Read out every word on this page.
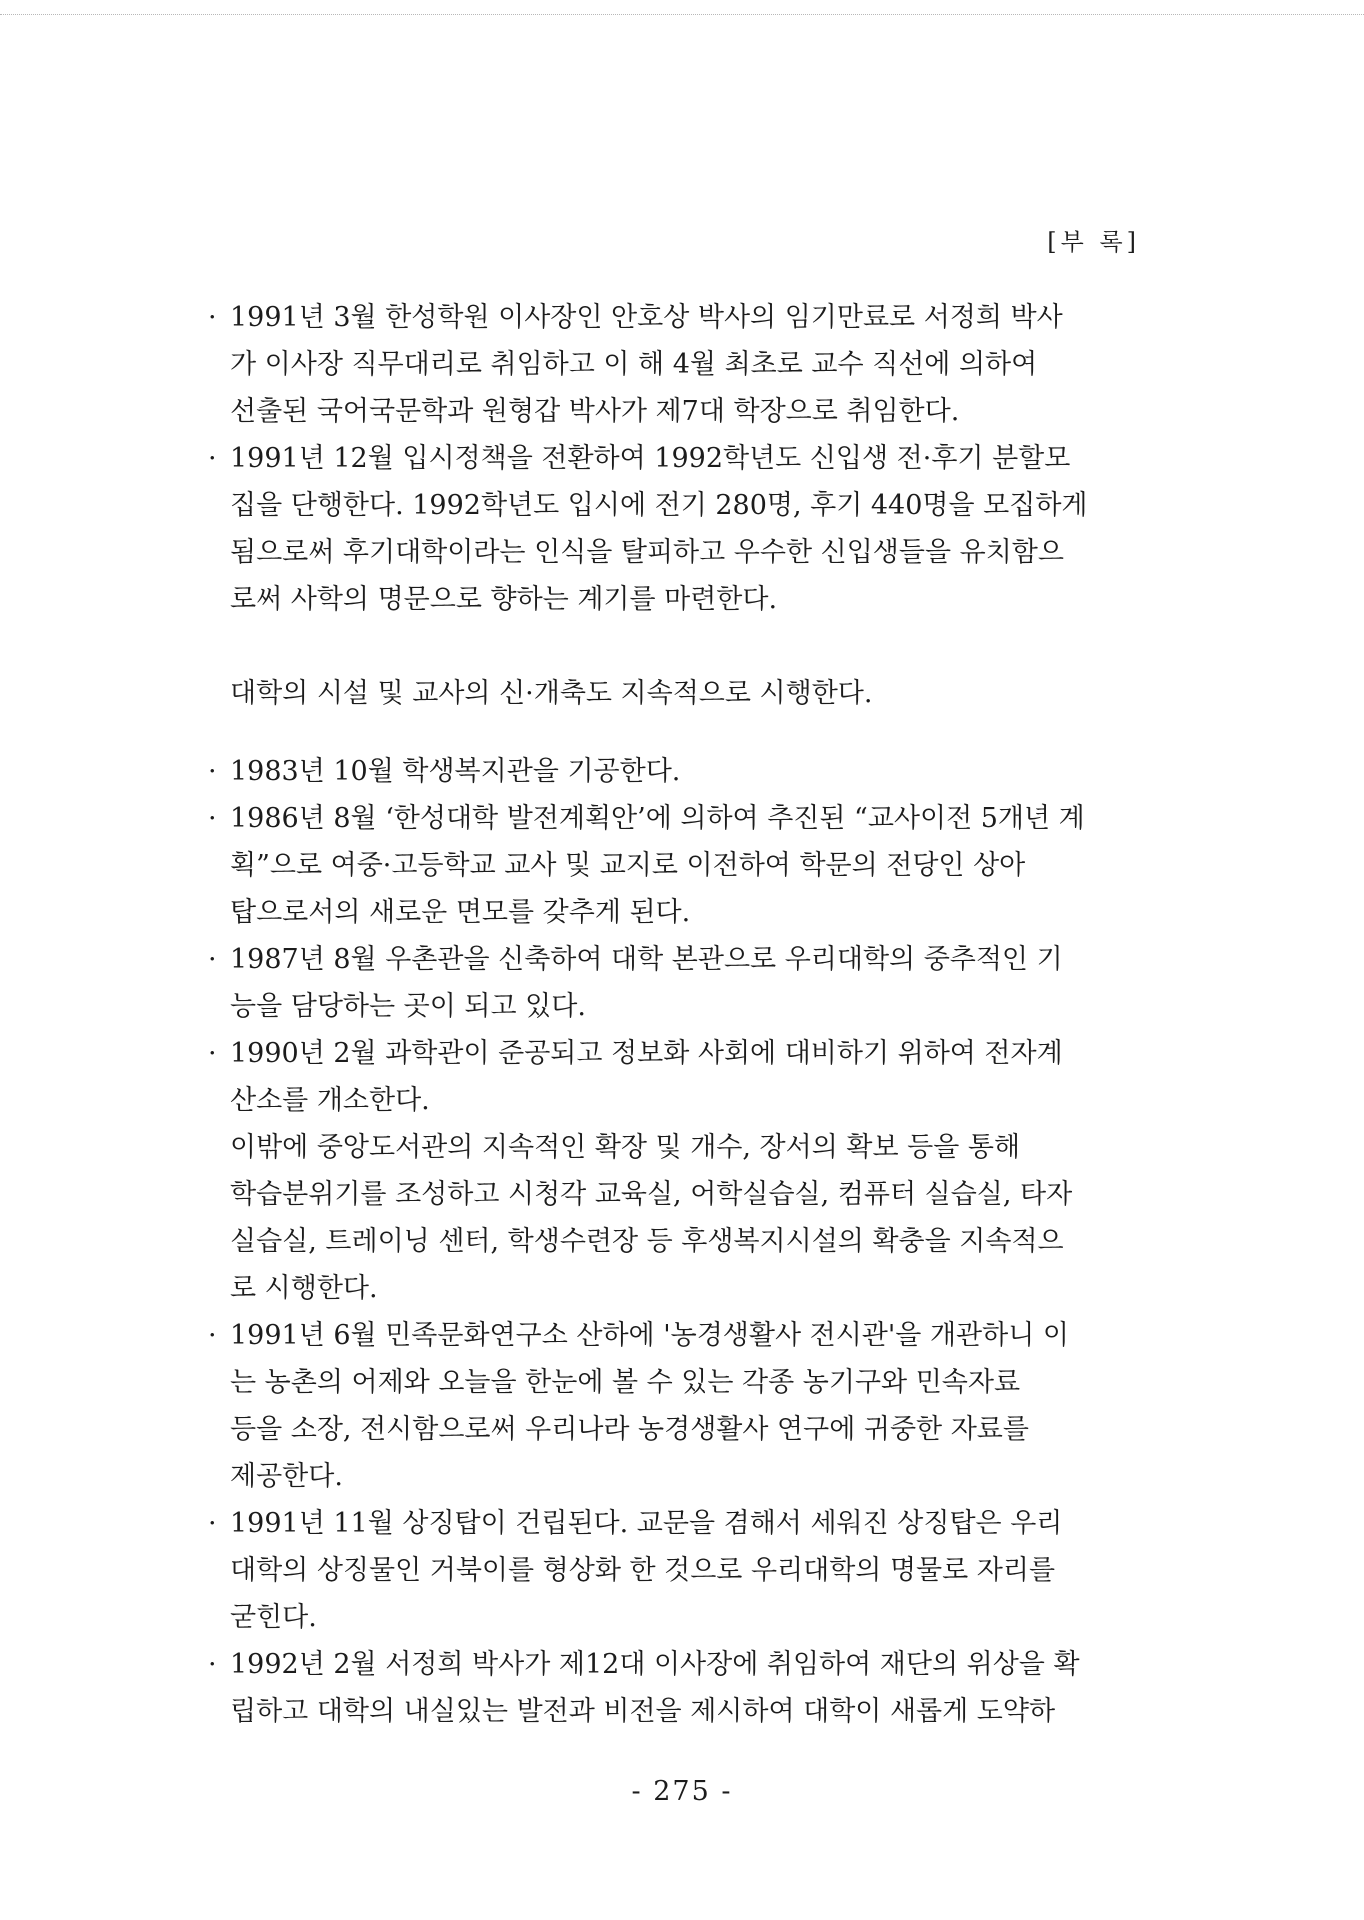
[부 록]
· 1991년 3월 한성학원 이사장인 안호상 박사의 임기만료로 서정희 박사
가 이사장 직무대리로 취임하고 이 해 4월 최초로 교수 직선에 의하여
선출된 국어국문학과 원형갑 박사가 제7대 학장으로 취임한다.
· 1991년 12월 입시정책을 전환하여 1992학년도 신입생 전·후기 분할모
집을 단행한다. 1992학년도 입시에 전기 280명, 후기 440명을 모집하게
됨으로써 후기대학이라는 인식을 탈피하고 우수한 신입생들을 유치함으
로써 사학의 명문으로 향하는 계기를 마련한다.
대학의 시설 및 교사의 신·개축도 지속적으로 시행한다.
· 1983년 10월 학생복지관을 기공한다.
· 1986년 8월 ‘한성대학 발전계획안’에 의하여 추진된 “교사이전 5개년 계
획”으로 여중·고등학교 교사 및 교지로 이전하여 학문의 전당인 상아
탑으로서의 새로운 면모를 갖추게 된다.
· 1987년 8월 우촌관을 신축하여 대학 본관으로 우리대학의 중추적인 기
능을 담당하는 곳이 되고 있다.
· 1990년 2월 과학관이 준공되고 정보화 사회에 대비하기 위하여 전자계
산소를 개소한다.
이밖에 중앙도서관의 지속적인 확장 및 개수, 장서의 확보 등을 통해
학습분위기를 조성하고 시청각 교육실, 어학실습실, 컴퓨터 실습실, 타자
실습실, 트레이닝 센터, 학생수련장 등 후생복지시설의 확충을 지속적으
로 시행한다.
· 1991년 6월 민족문화연구소 산하에 '농경생활사 전시관'을 개관하니 이
는 농촌의 어제와 오늘을 한눈에 볼 수 있는 각종 농기구와 민속자료
등을 소장, 전시함으로써 우리나라 농경생활사 연구에 귀중한 자료를
제공한다.
· 1991년 11월 상징탑이 건립된다. 교문을 겸해서 세워진 상징탑은 우리
대학의 상징물인 거북이를 형상화 한 것으로 우리대학의 명물로 자리를
굳힌다.
· 1992년 2월 서정희 박사가 제12대 이사장에 취임하여 재단의 위상을 확
립하고 대학의 내실있는 발전과 비전을 제시하여 대학이 새롭게 도약하
- 275 -
